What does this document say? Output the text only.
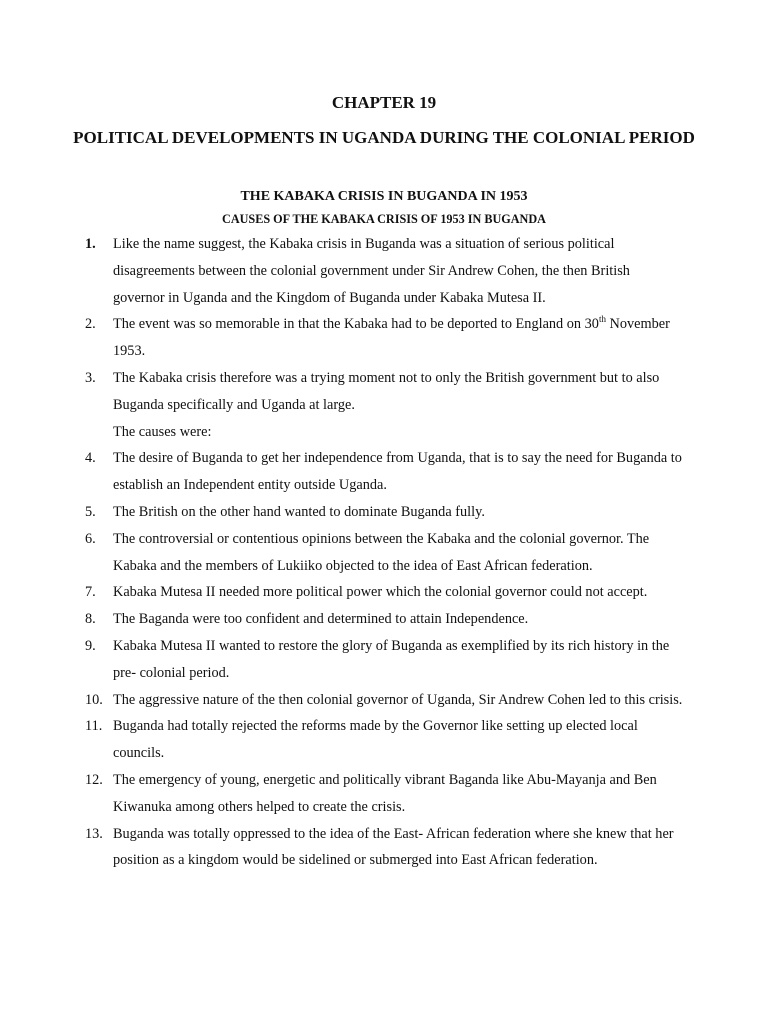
CHAPTER 19
POLITICAL DEVELOPMENTS IN UGANDA DURING THE COLONIAL PERIOD
THE KABAKA CRISIS IN BUGANDA IN 1953
CAUSES OF THE KABAKA CRISIS OF 1953 IN BUGANDA
1. Like the name suggest, the Kabaka crisis in Buganda was a situation of serious political disagreements between the colonial government under Sir Andrew Cohen, the then British governor in Uganda and the Kingdom of Buganda under Kabaka Mutesa II.
2. The event was so memorable in that the Kabaka had to be deported to England on 30th November 1953.
3. The Kabaka crisis therefore was a trying moment not to only the British government but to also Buganda specifically and Uganda at large.
The causes were:
4. The desire of Buganda to get her independence from Uganda, that is to say the need for Buganda to establish an Independent entity outside Uganda.
5. The British on the other hand wanted to dominate Buganda fully.
6. The controversial or contentious opinions between the Kabaka and the colonial governor. The Kabaka and the members of Lukiiko objected to the idea of East African federation.
7. Kabaka Mutesa II needed more political power which the colonial governor could not accept.
8. The Baganda were too confident and determined to attain Independence.
9. Kabaka Mutesa II wanted to restore the glory of Buganda as exemplified by its rich history in the pre- colonial period.
10. The aggressive nature of the then colonial governor of Uganda, Sir Andrew Cohen led to this crisis.
11. Buganda had totally rejected the reforms made by the Governor like setting up elected local councils.
12. The emergency of young, energetic and politically vibrant Baganda like Abu-Mayanja and Ben Kiwanuka among others helped to create the crisis.
13. Buganda was totally oppressed to the idea of the East- African federation where she knew that her position as a kingdom would be sidelined or submerged into East African federation.
